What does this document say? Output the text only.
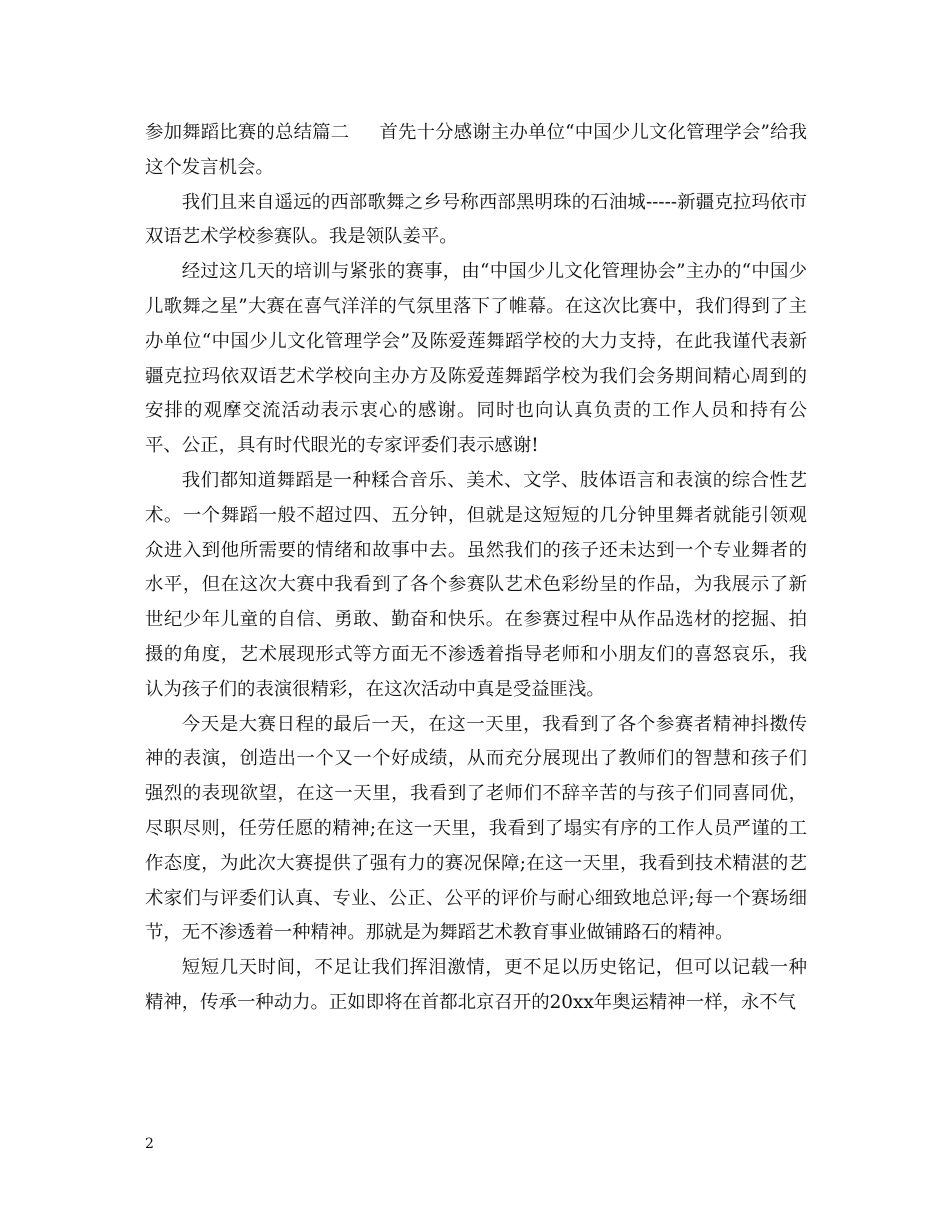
参加舞蹈比赛的总结篇二 首先十分感谢主办单位“中国少儿文化管理学会”给我这个发言机会。

我们且来自遥远的西部歌舞之乡号称西部黑明珠的石油城-----新疆克拉玛依市双语艺术学校参赛队。我是领队姜平。

经过这几天的培训与紧张的赛事，由“中国少儿文化管理协会”主办的“中国少儿歌舞之星”大赛在喜气洋洋的气氛里落下了帷幕。在这次比赛中，我们得到了主办单位“中国少儿文化管理学会”及陈爱莲舞蹈学校的大力支持，在此我谨代表新疆克拉玛依双语艺术学校向主办方及陈爱莲舞蹈学校为我们会务期间精心周到的安排的观摩交流活动表示衷心的感谢。同时也向认真负责的工作人员和持有公平、公正，具有时代眼光的专家评委们表示感谢!

我们都知道舞蹈是一种糅合音乐、美术、文学、肢体语言和表演的综合性艺术。一个舞蹈一般不超过四、五分钟，但就是这短短的几分钟里舞者就能引领观众进入到他所需要的情绪和故事中去。虽然我们的孩子还未达到一个专业舞者的水平，但在这次大赛中我看到了各个参赛队艺术色彩纷呈的作品，为我展示了新世纪少年儿童的自信、勇敢、勤奋和快乐。在参赛过程中从作品选材的挖掘、拍摄的角度，艺术展现形式等方面无不渗透着指导老师和小朋友们的喜怒哀乐，我认为孩子们的表演很精彩，在这次活动中真是受益匪浅。

今天是大赛日程的最后一天，在这一天里，我看到了各个参赛者精神抖擞传神的表演，创造出一个又一个好成绩，从而充分展现出了教师们的智慧和孩子们强烈的表现欲望，在这一天里，我看到了老师们不辞辛苦的与孩子们同喜同优，尽职尽则，任劳任愿的精神;在这一天里，我看到了塌实有序的工作人员严谨的工作态度，为此次大赛提供了强有力的赛况保障;在这一天里，我看到技术精湛的艺术家们与评委们认真、专业、公正、公平的评价与耐心细致地总评;每一个赛场细节，无不渗透着一种精神。那就是为舞蹈艺术教育事业做铺路石的精神。

短短几天时间，不足让我们挥泪激情，更不足以历史铭记，但可以记载一种精神，传承一种动力。正如即将在首都北京召开的20xx年奥运精神一样，永不气

2
